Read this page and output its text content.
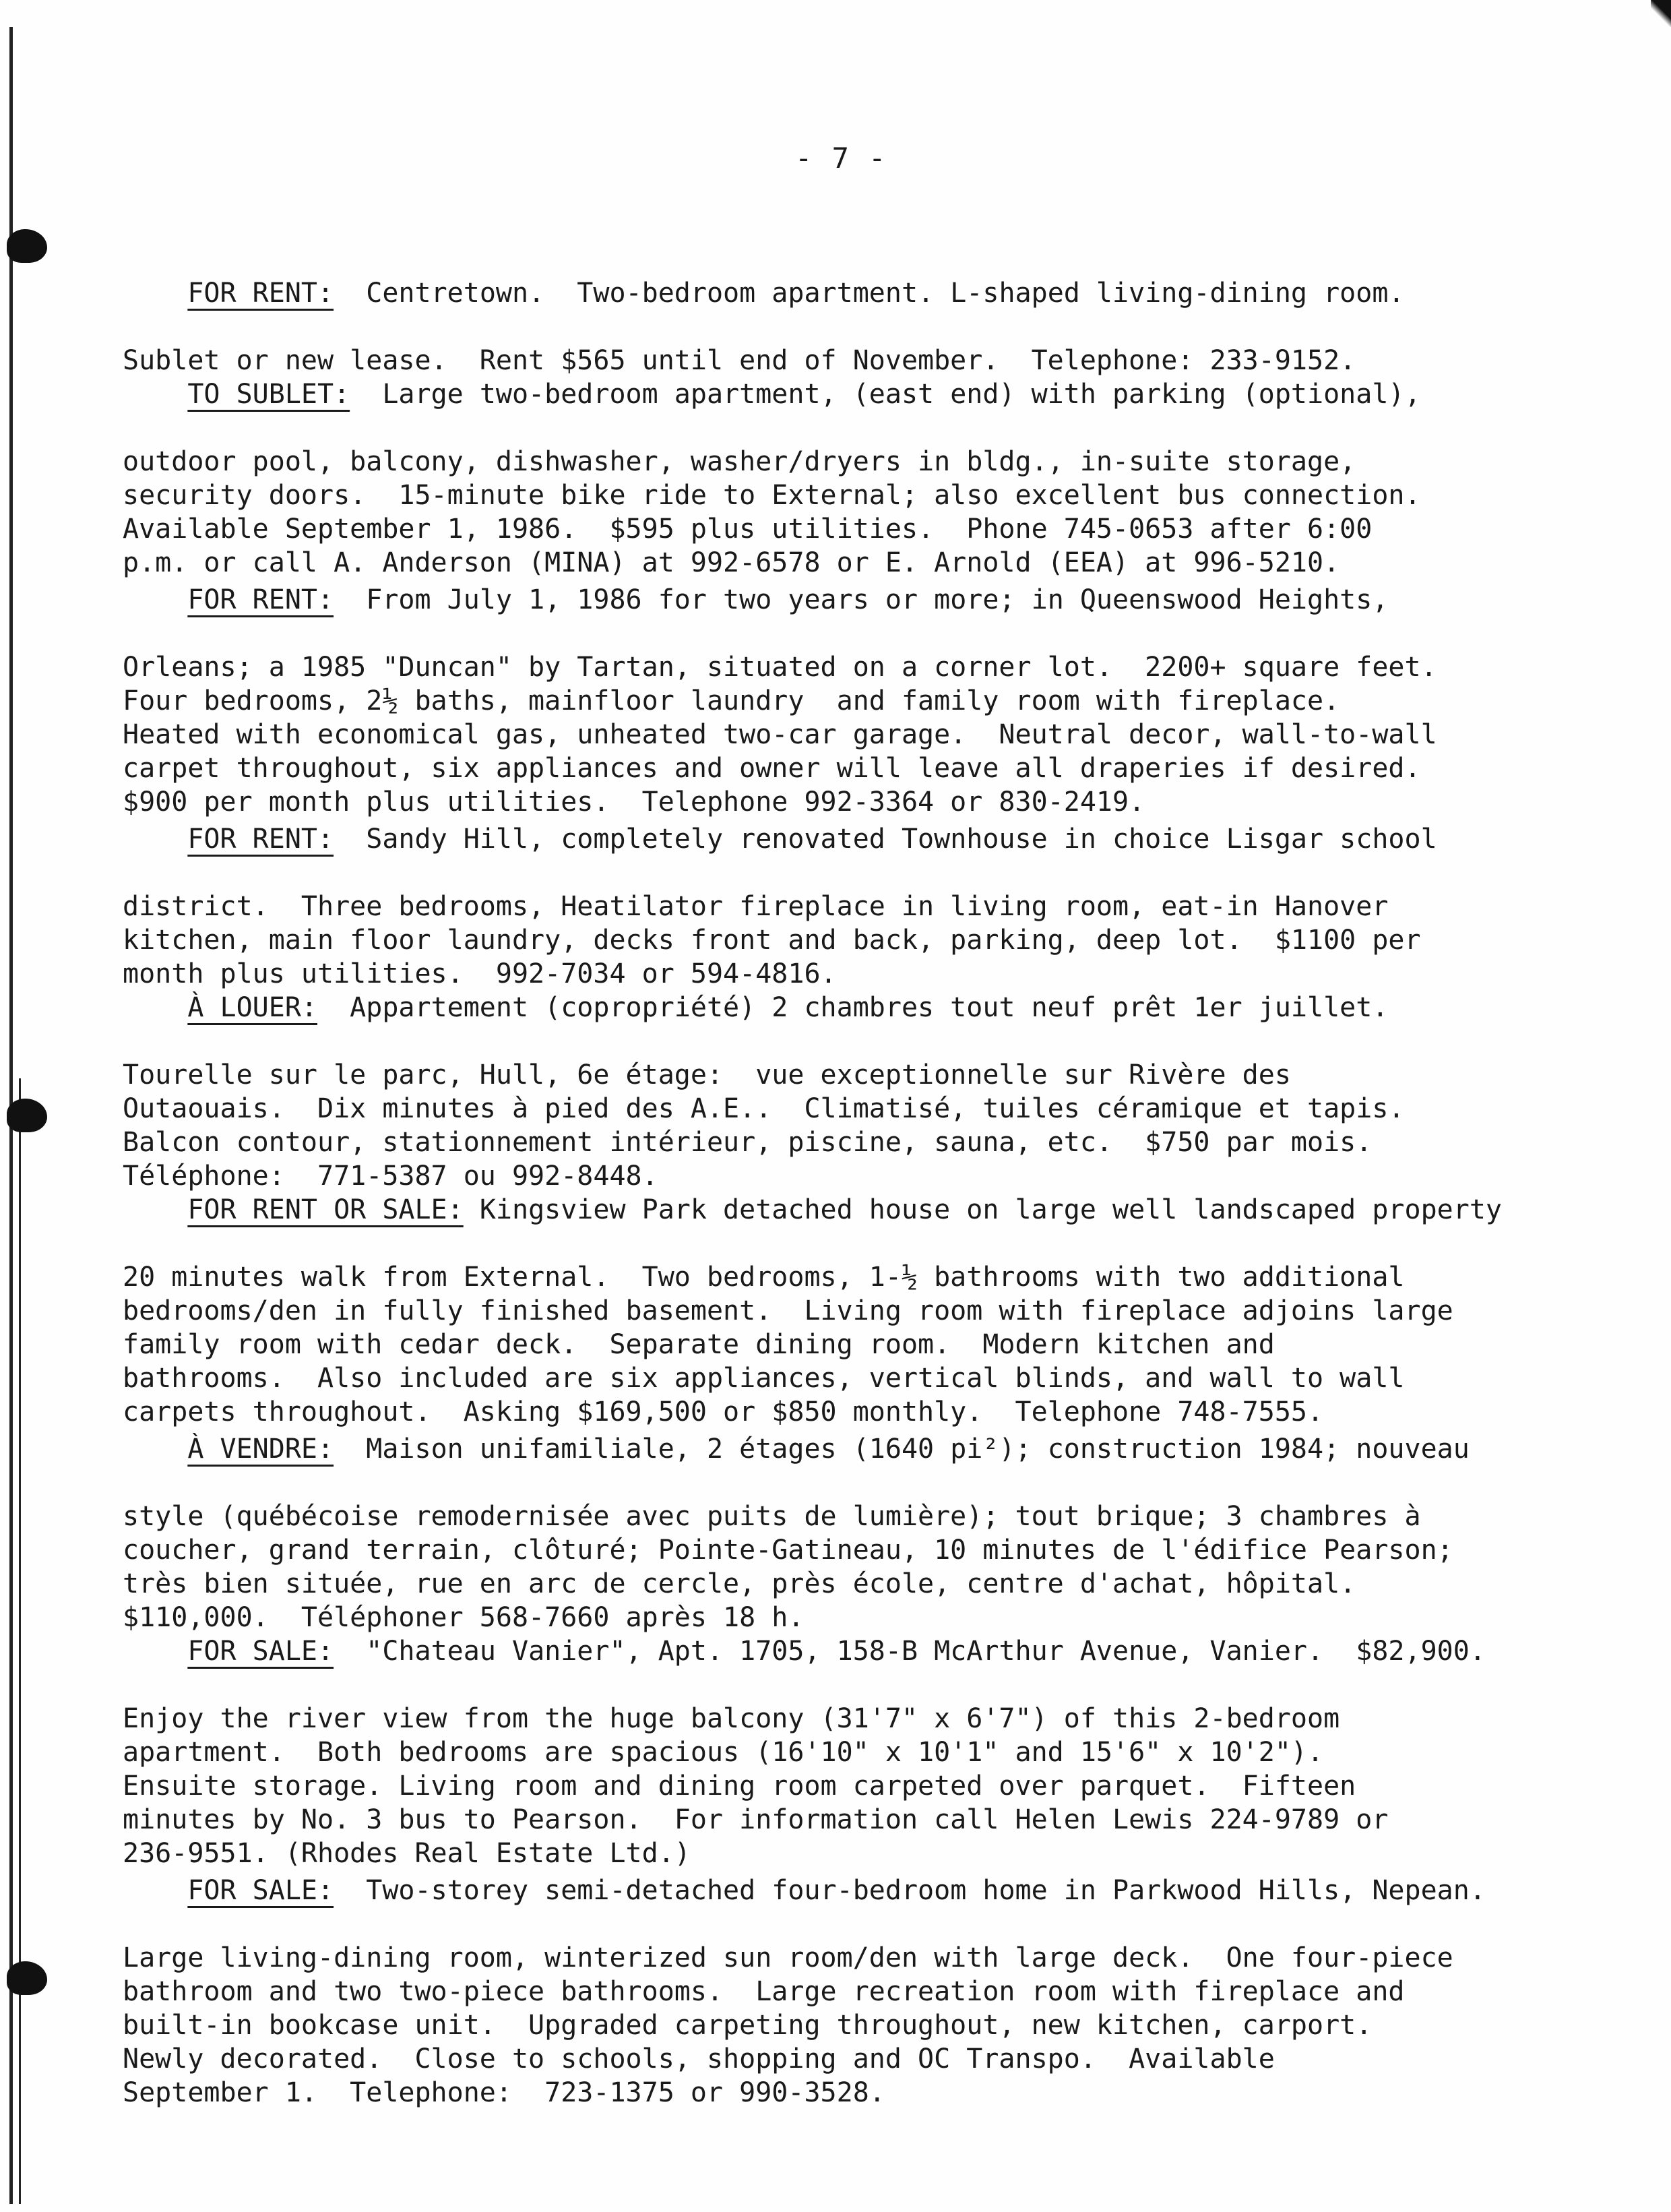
- 7 -

FOR RENT:  Centretown.  Two-bedroom apartment. L-shaped living-dining room.

Sublet or new lease.  Rent $565 until end of November.  Telephone: 233-9152.

TO SUBLET:  Large two-bedroom apartment, (east end) with parking (optional),

outdoor pool, balcony, dishwasher, washer/dryers in bldg., in-suite storage,
security doors.  15-minute bike ride to External; also excellent bus connection.
Available September 1, 1986.  $595 plus utilities.  Phone 745-0653 after 6:00
p.m. or call A. Anderson (MINA) at 992-6578 or E. Arnold (EEA) at 996-5210.

FOR RENT:  From July 1, 1986 for two years or more; in Queenswood Heights,

Orleans; a 1985 "Duncan" by Tartan, situated on a corner lot.  2200+ square feet.
Four bedrooms, 2½ baths, mainfloor laundry  and family room with fireplace.
Heated with economical gas, unheated two-car garage.  Neutral decor, wall-to-wall
carpet throughout, six appliances and owner will leave all draperies if desired.
$900 per month plus utilities.  Telephone 992-3364 or 830-2419.

FOR RENT:  Sandy Hill, completely renovated Townhouse in choice Lisgar school

district.  Three bedrooms, Heatilator fireplace in living room, eat-in Hanover
kitchen, main floor laundry, decks front and back, parking, deep lot.  $1100 per
month plus utilities.  992-7034 or 594-4816.

À LOUER:  Appartement (copropriété) 2 chambres tout neuf prêt 1er juillet.

Tourelle sur le parc, Hull, 6e étage:  vue exceptionnelle sur Rivère des
Outaouais.  Dix minutes à pied des A.E..  Climatisé, tuiles céramique et tapis.
Balcon contour, stationnement intérieur, piscine, sauna, etc.  $750 par mois.
Téléphone:  771-5387 ou 992-8448.

FOR RENT OR SALE: Kingsview Park detached house on large well landscaped property

20 minutes walk from External.  Two bedrooms, 1-½ bathrooms with two additional
bedrooms/den in fully finished basement.  Living room with fireplace adjoins large
family room with cedar deck.  Separate dining room.  Modern kitchen and
bathrooms.  Also included are six appliances, vertical blinds, and wall to wall
carpets throughout.  Asking $169,500 or $850 monthly.  Telephone 748-7555.

À VENDRE:  Maison unifamiliale, 2 étages (1640 pi²); construction 1984; nouveau

style (québécoise remodernisée avec puits de lumière); tout brique; 3 chambres à
coucher, grand terrain, clôturé; Pointe-Gatineau, 10 minutes de l'édifice Pearson;
très bien située, rue en arc de cercle, près école, centre d'achat, hôpital.
$110,000.  Téléphoner 568-7660 après 18 h.

FOR SALE:  "Chateau Vanier", Apt. 1705, 158-B McArthur Avenue, Vanier.  $82,900.

Enjoy the river view from the huge balcony (31'7" x 6'7") of this 2-bedroom
apartment.  Both bedrooms are spacious (16'10" x 10'1" and 15'6" x 10'2").
Ensuite storage. Living room and dining room carpeted over parquet.  Fifteen
minutes by No. 3 bus to Pearson.  For information call Helen Lewis 224-9789 or
236-9551. (Rhodes Real Estate Ltd.)

FOR SALE:  Two-storey semi-detached four-bedroom home in Parkwood Hills, Nepean.

Large living-dining room, winterized sun room/den with large deck.  One four-piece
bathroom and two two-piece bathrooms.  Large recreation room with fireplace and
built-in bookcase unit.  Upgraded carpeting throughout, new kitchen, carport.
Newly decorated.  Close to schools, shopping and OC Transpo.  Available
September 1.  Telephone:  723-1375 or 990-3528.
